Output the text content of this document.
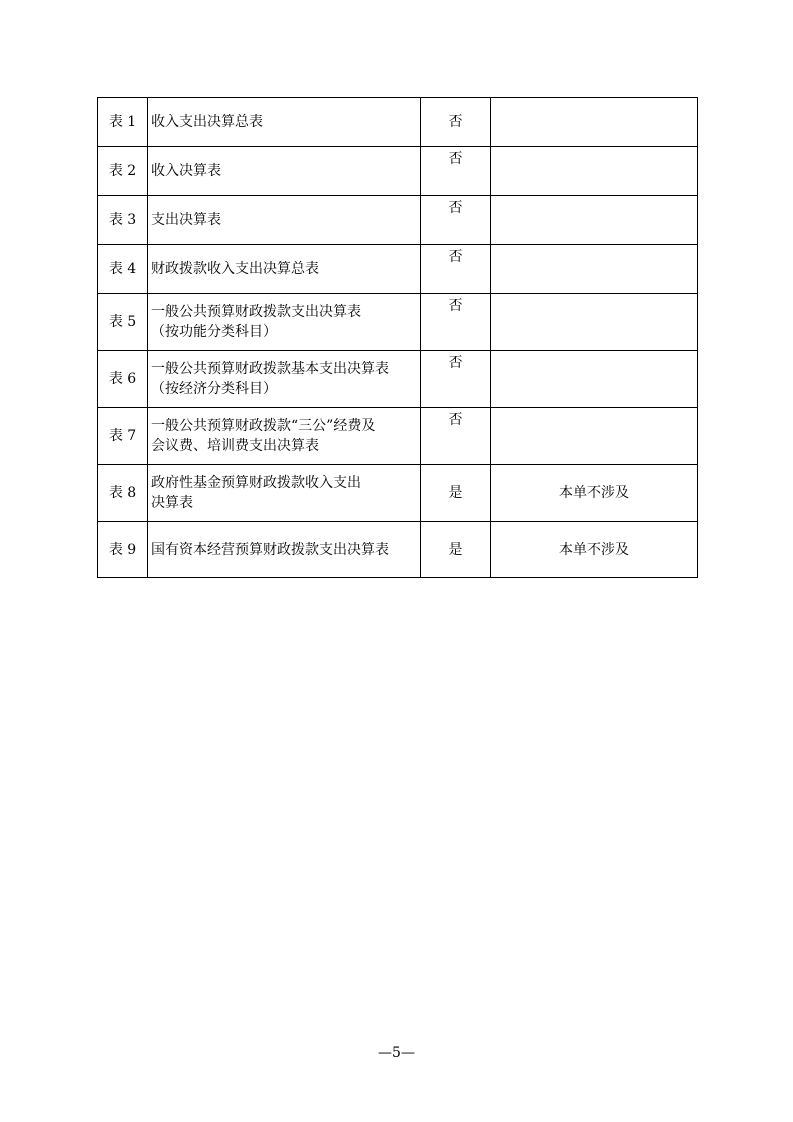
表 1	收入支出决算总表	否	
表 2	收入决算表	否	
表 3	支出决算表	否	
表 4	财政拨款收入支出决算总表	否	
表 5	一般公共预算财政拨款支出决算表
（按功能分类科目）	否	
表 6	一般公共预算财政拨款基本支出决算表
（按经济分类科目）	否	
表 7	一般公共预算财政拨款“三公”经费及
会议费、培训费支出决算表	否	
表 8	政府性基金预算财政拨款收入支出
决算表	是	本单不涉及
表 9	国有资本经营预算财政拨款支出决算表	是	本单不涉及
—5—
